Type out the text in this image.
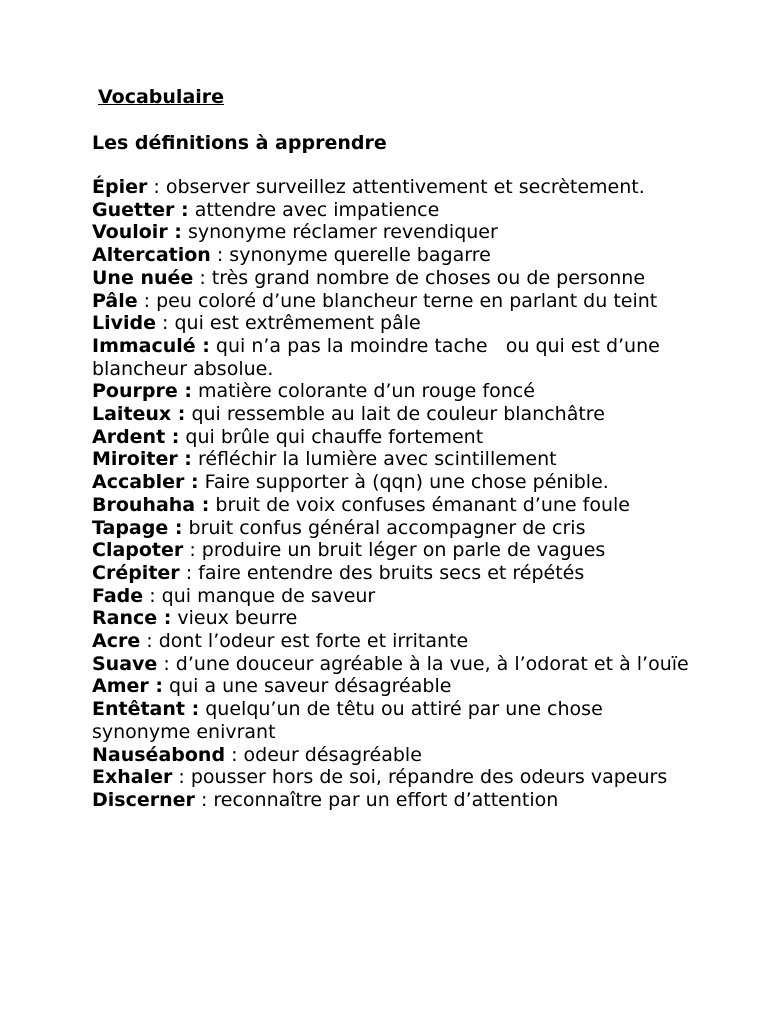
Vocabulaire
Les définitions à apprendre
Épier : observer surveillez attentivement et secrètement.
Guetter : attendre avec impatience
Vouloir : synonyme réclamer revendiquer
Altercation : synonyme querelle bagarre
Une nuée : très grand nombre de choses ou de personne
Pâle : peu coloré d’une blancheur terne en parlant du teint
Livide : qui est extrêmement pâle
Immaculé : qui n’a pas la moindre tache   ou qui est d’une blancheur absolue.
Pourpre : matière colorante d’un rouge foncé
Laiteux : qui ressemble au lait de couleur blanchâtre
Ardent : qui brûle qui chauffe fortement
Miroiter : réfléchir la lumière avec scintillement
Accabler : Faire supporter à (qqn) une chose pénible.
Brouhaha : bruit de voix confuses émanant d’une foule
Tapage : bruit confus général accompagner de cris
Clapoter : produire un bruit léger on parle de vagues
Crépiter : faire entendre des bruits secs et répétés
Fade : qui manque de saveur
Rance : vieux beurre
Acre : dont l’odeur est forte et irritante
Suave : d’une douceur agréable à la vue, à l’odorat et à l’ouïe
Amer : qui a une saveur désagréable
Entêtant : quelqu’un de têtu ou attiré par une chose synonyme enivrant
Nauséabond : odeur désagréable
Exhaler : pousser hors de soi, répandre des odeurs vapeurs
Discerner : reconnaître par un effort d’attention
